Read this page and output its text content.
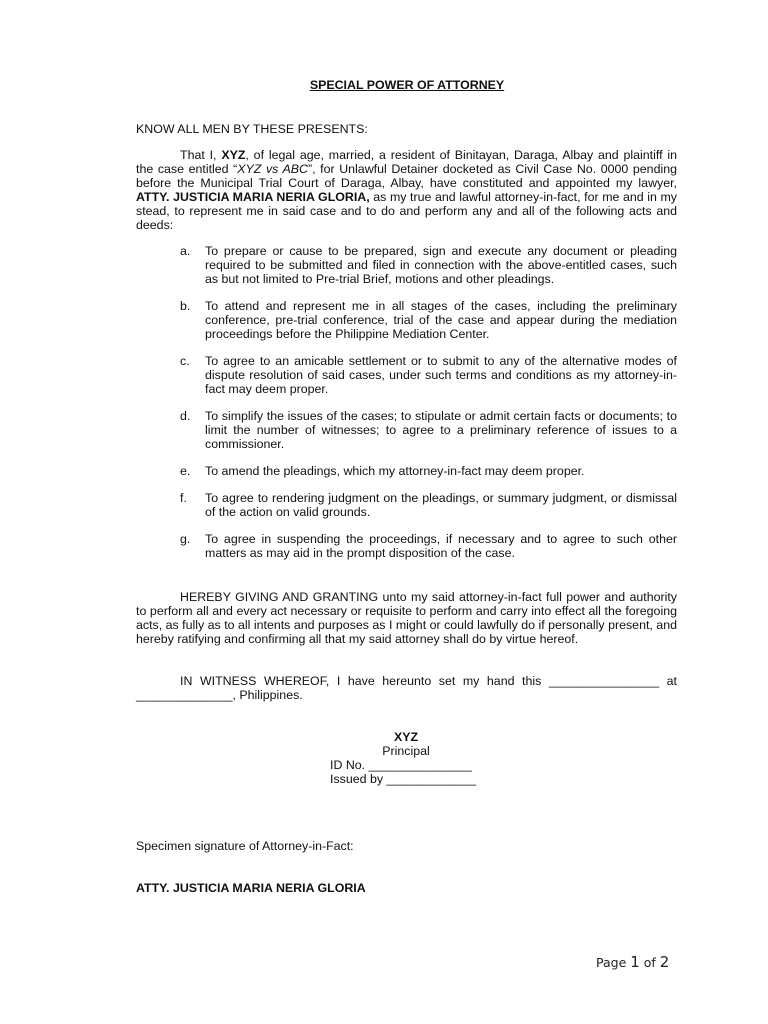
SPECIAL POWER OF ATTORNEY
KNOW ALL MEN BY THESE PRESENTS:
That I, XYZ, of legal age, married, a resident of Binitayan, Daraga, Albay and plaintiff in the case entitled “XYZ vs ABC”, for Unlawful Detainer docketed as Civil Case No. 0000 pending before the Municipal Trial Court of Daraga, Albay, have constituted and appointed my lawyer, ATTY. JUSTICIA MARIA NERIA GLORIA, as my true and lawful attorney-in-fact, for me and in my stead, to represent me in said case and to do and perform any and all of the following acts and deeds:
a. To prepare or cause to be prepared, sign and execute any document or pleading required to be submitted and filed in connection with the above-entitled cases, such as but not limited to Pre-trial Brief, motions and other pleadings.
b. To attend and represent me in all stages of the cases, including the preliminary conference, pre-trial conference, trial of the case and appear during the mediation proceedings before the Philippine Mediation Center.
c. To agree to an amicable settlement or to submit to any of the alternative modes of dispute resolution of said cases, under such terms and conditions as my attorney-in-fact may deem proper.
d. To simplify the issues of the cases; to stipulate or admit certain facts or documents; to limit the number of witnesses; to agree to a preliminary reference of issues to a commissioner.
e. To amend the pleadings, which my attorney-in-fact may deem proper.
f. To agree to rendering judgment on the pleadings, or summary judgment, or dismissal of the action on valid grounds.
g. To agree in suspending the proceedings, if necessary and to agree to such other matters as may aid in the prompt disposition of the case.
HEREBY GIVING AND GRANTING unto my said attorney-in-fact full power and authority to perform all and every act necessary or requisite to perform and carry into effect all the foregoing acts, as fully as to all intents and purposes as I might or could lawfully do if personally present, and hereby ratifying and confirming all that my said attorney shall do by virtue hereof.
IN WITNESS WHEREOF, I have hereunto set my hand this ________________ at ______________, Philippines.
XYZ
Principal
ID No. _______________
Issued by _____________
Specimen signature of Attorney-in-Fact:
ATTY. JUSTICIA MARIA NERIA GLORIA
Page 1 of 2
